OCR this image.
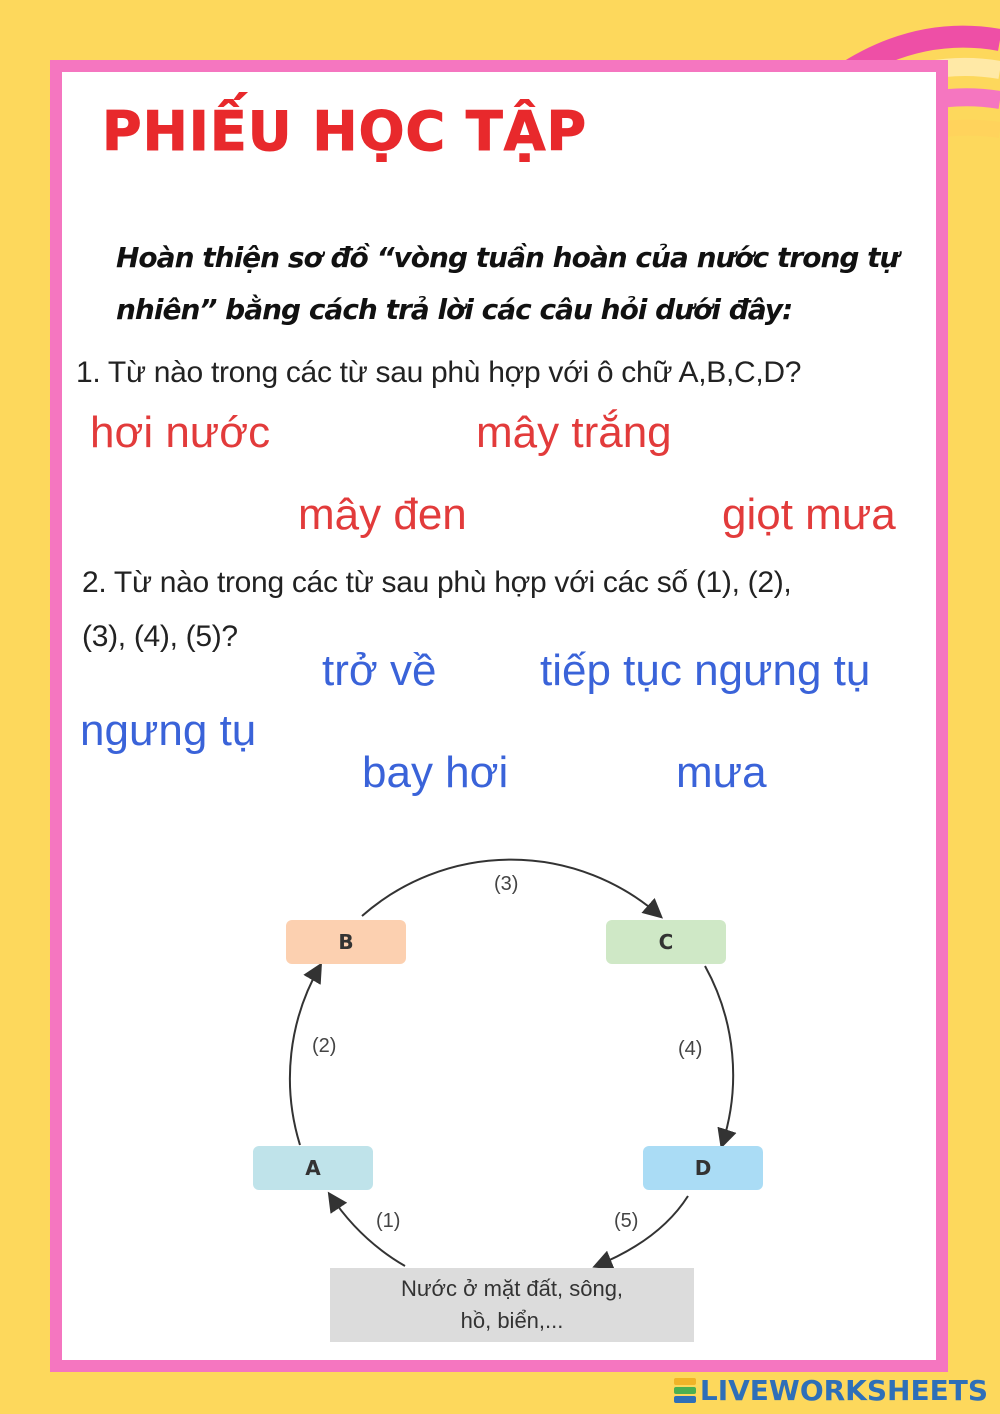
PHIẾU HỌC TẬP
Hoàn thiện sơ đồ “vòng tuần hoàn của nước trong tự nhiên” bằng cách trả lời các câu hỏi dưới đây:
1. Từ nào trong các từ sau phù hợp với ô chữ A,B,C,D?
hơi nước	mây trắng
mây đen	giọt mưa
2. Từ nào trong các từ sau phù hợp với các số (1), (2),
(3), (4), (5)?
trở về tiếp tục ngưng tụ
ngưng tụ
bay hơi	mưa
B	C
A	D
(3)
(2)	(4)
(1)	(5)
Nước ở mặt đất, sông,
hồ, biển,...
LIVEWORKSHEETS
